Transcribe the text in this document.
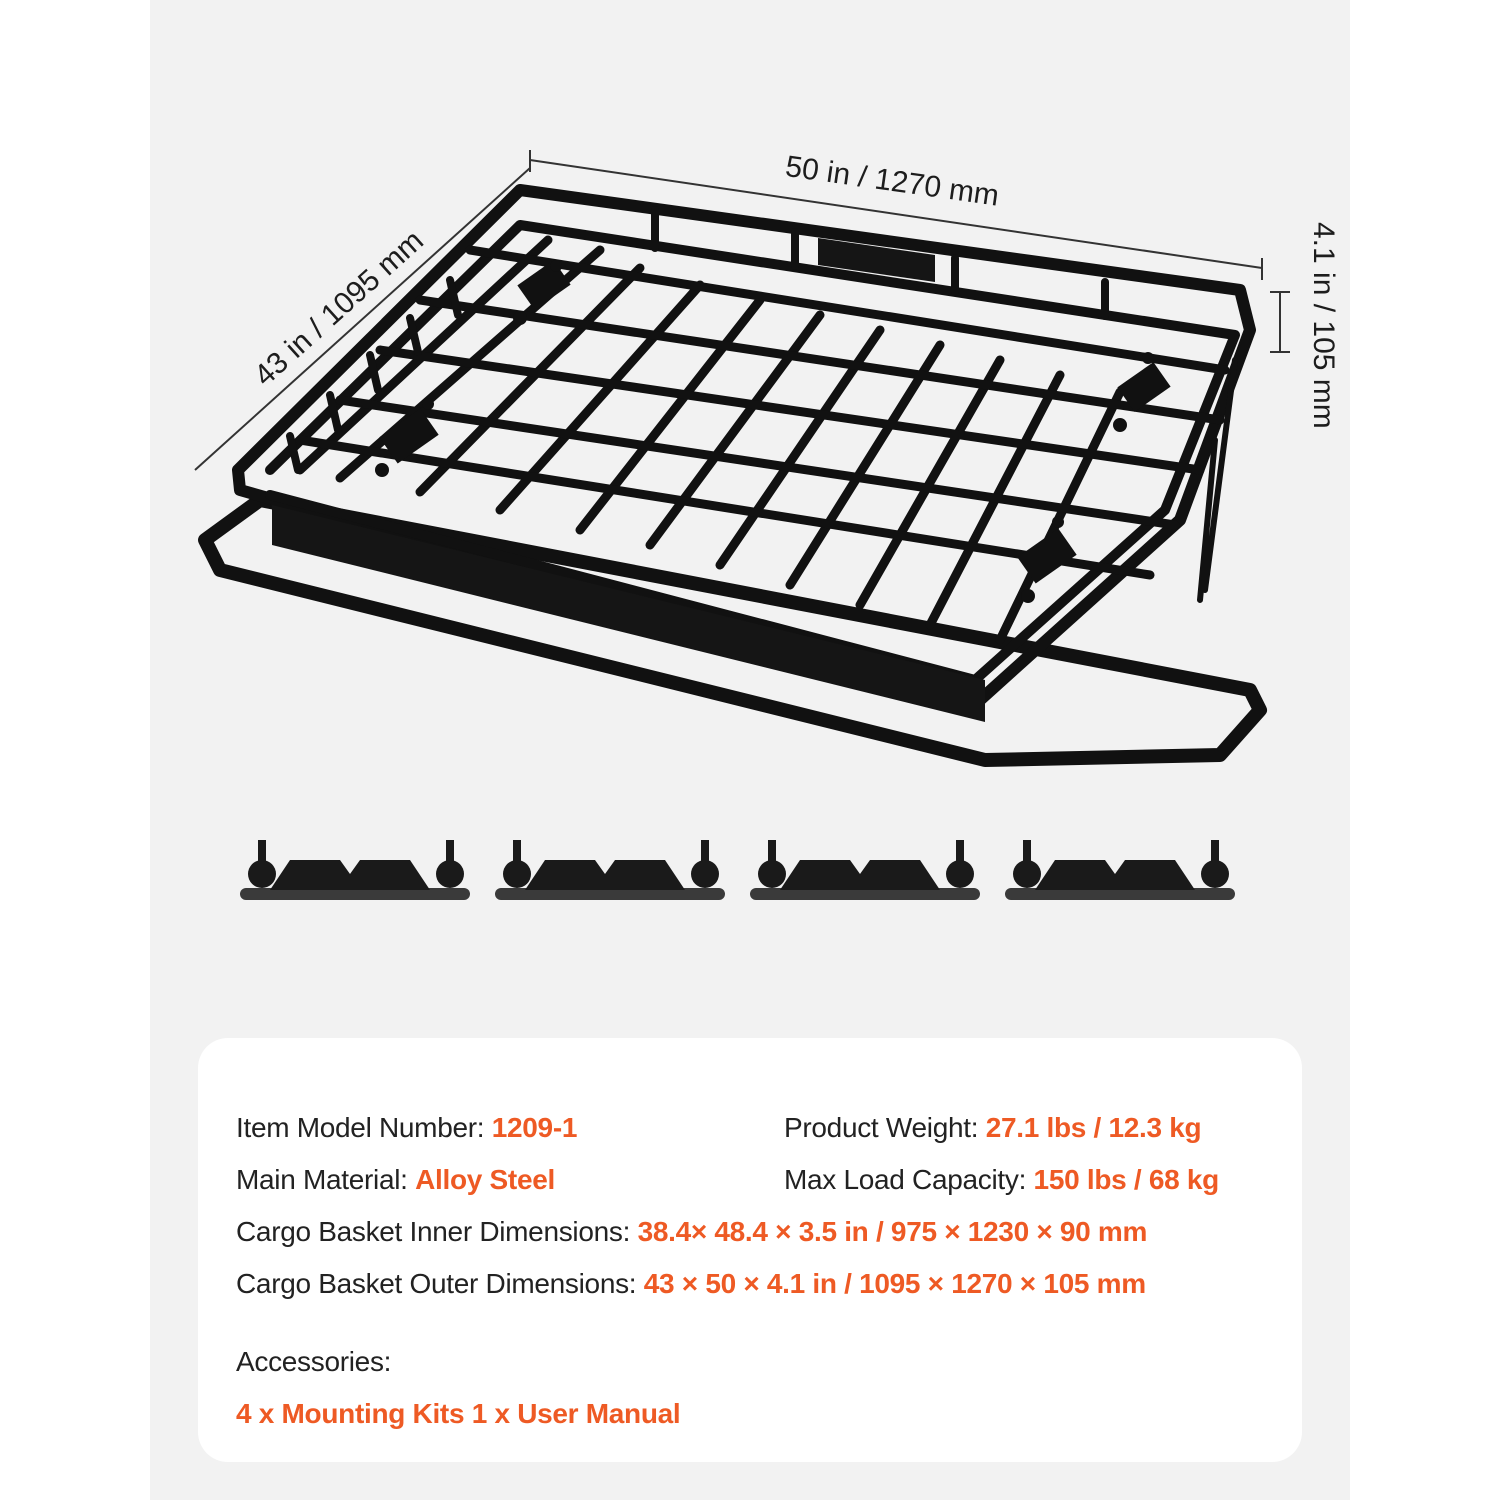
50 in / 1270 mm
43 in / 1095 mm	4.1 in / 105 mm
Item Model Number: 1209-1	Product Weight: 27.1 lbs / 12.3 kg
Main Material: Alloy Steel	Max Load Capacity: 150 lbs / 68 kg
Cargo Basket Inner Dimensions: 38.4× 48.4 × 3.5 in / 975 × 1230 × 90 mm
Cargo Basket Outer Dimensions: 43 × 50 × 4.1 in / 1095 × 1270 × 105 mm
Accessories:
4 x Mounting Kits 1 x User Manual
